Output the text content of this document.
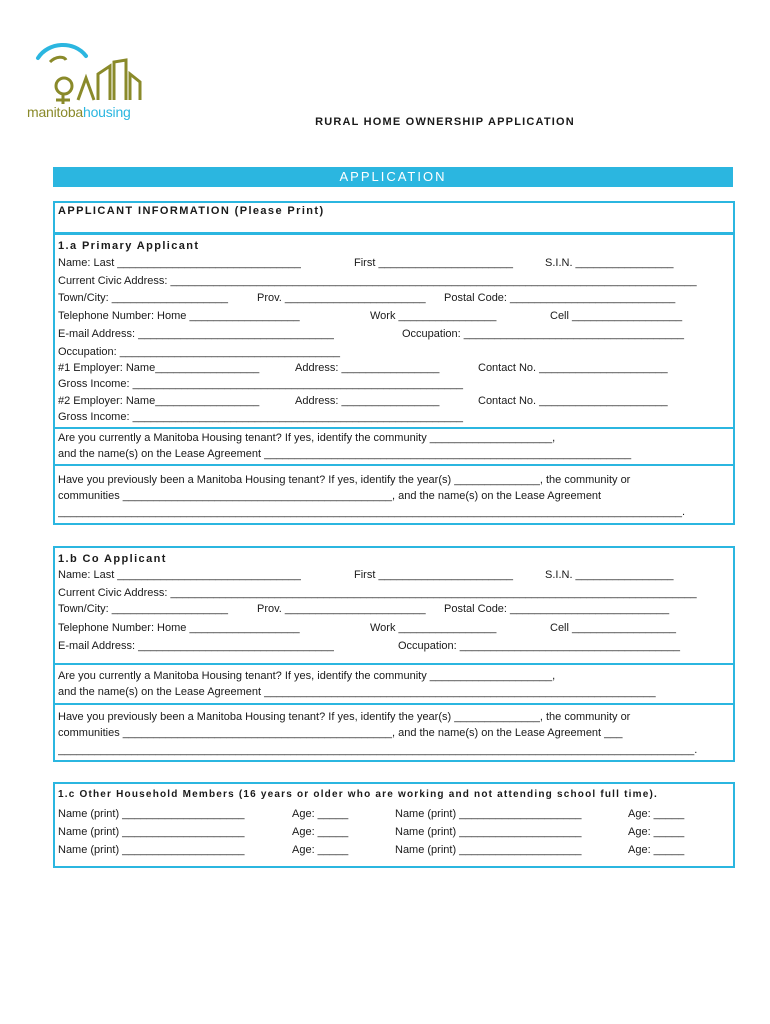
manitobahousing
RURAL HOME OWNERSHIP APPLICATION
APPLICATION
APPLICANT INFORMATION (Please Print)
1.a Primary Applicant
Name: Last ______________________________	First ______________________	S.I.N. ________________
Current Civic Address: ______________________________________________________________________________________
Town/City: ___________________	Prov. _______________________ Postal Code: ___________________________
Telephone Number: Home __________________	Work ________________	Cell __________________
E-mail Address: ________________________________	Occupation: ____________________________________
Occupation: ____________________________________
#1 Employer: Name_________________	Address: ________________	Contact No. _____________________
Gross Income: ______________________________________________________
#2 Employer: Name_________________	Address: ________________	Contact No. _____________________
Gross Income: ______________________________________________________
Are you currently a Manitoba Housing tenant? If yes, identify the community ____________________,
and the name(s) on the Lease Agreement ____________________________________________________________
Have you previously been a Manitoba Housing tenant? If yes, identify the year(s) ______________, the community or
communities ____________________________________________, and the name(s) on the Lease Agreement
______________________________________________________________________________________________________.
1.b Co Applicant
Name: Last ______________________________	First ______________________	S.I.N. ________________
Current Civic Address: ______________________________________________________________________________________
Town/City: ___________________	Prov. _______________________ Postal Code: __________________________
Telephone Number: Home __________________	Work ________________	Cell _________________
E-mail Address: ________________________________	Occupation: ____________________________________
Are you currently a Manitoba Housing tenant? If yes, identify the community ____________________,
and the name(s) on the Lease Agreement ________________________________________________________________
Have you previously been a Manitoba Housing tenant? If yes, identify the year(s) ______________, the community or
communities ____________________________________________, and the name(s) on the Lease Agreement ___
________________________________________________________________________________________________________.
1.c Other Household Members (16 years or older who are working and not attending school full time).
Name (print) ____________________	Age: _____	Name (print) ____________________	Age: _____
Name (print) ____________________	Age: _____	Name (print) ____________________	Age: _____
Name (print) ____________________	Age: _____	Name (print) ____________________	Age: _____
